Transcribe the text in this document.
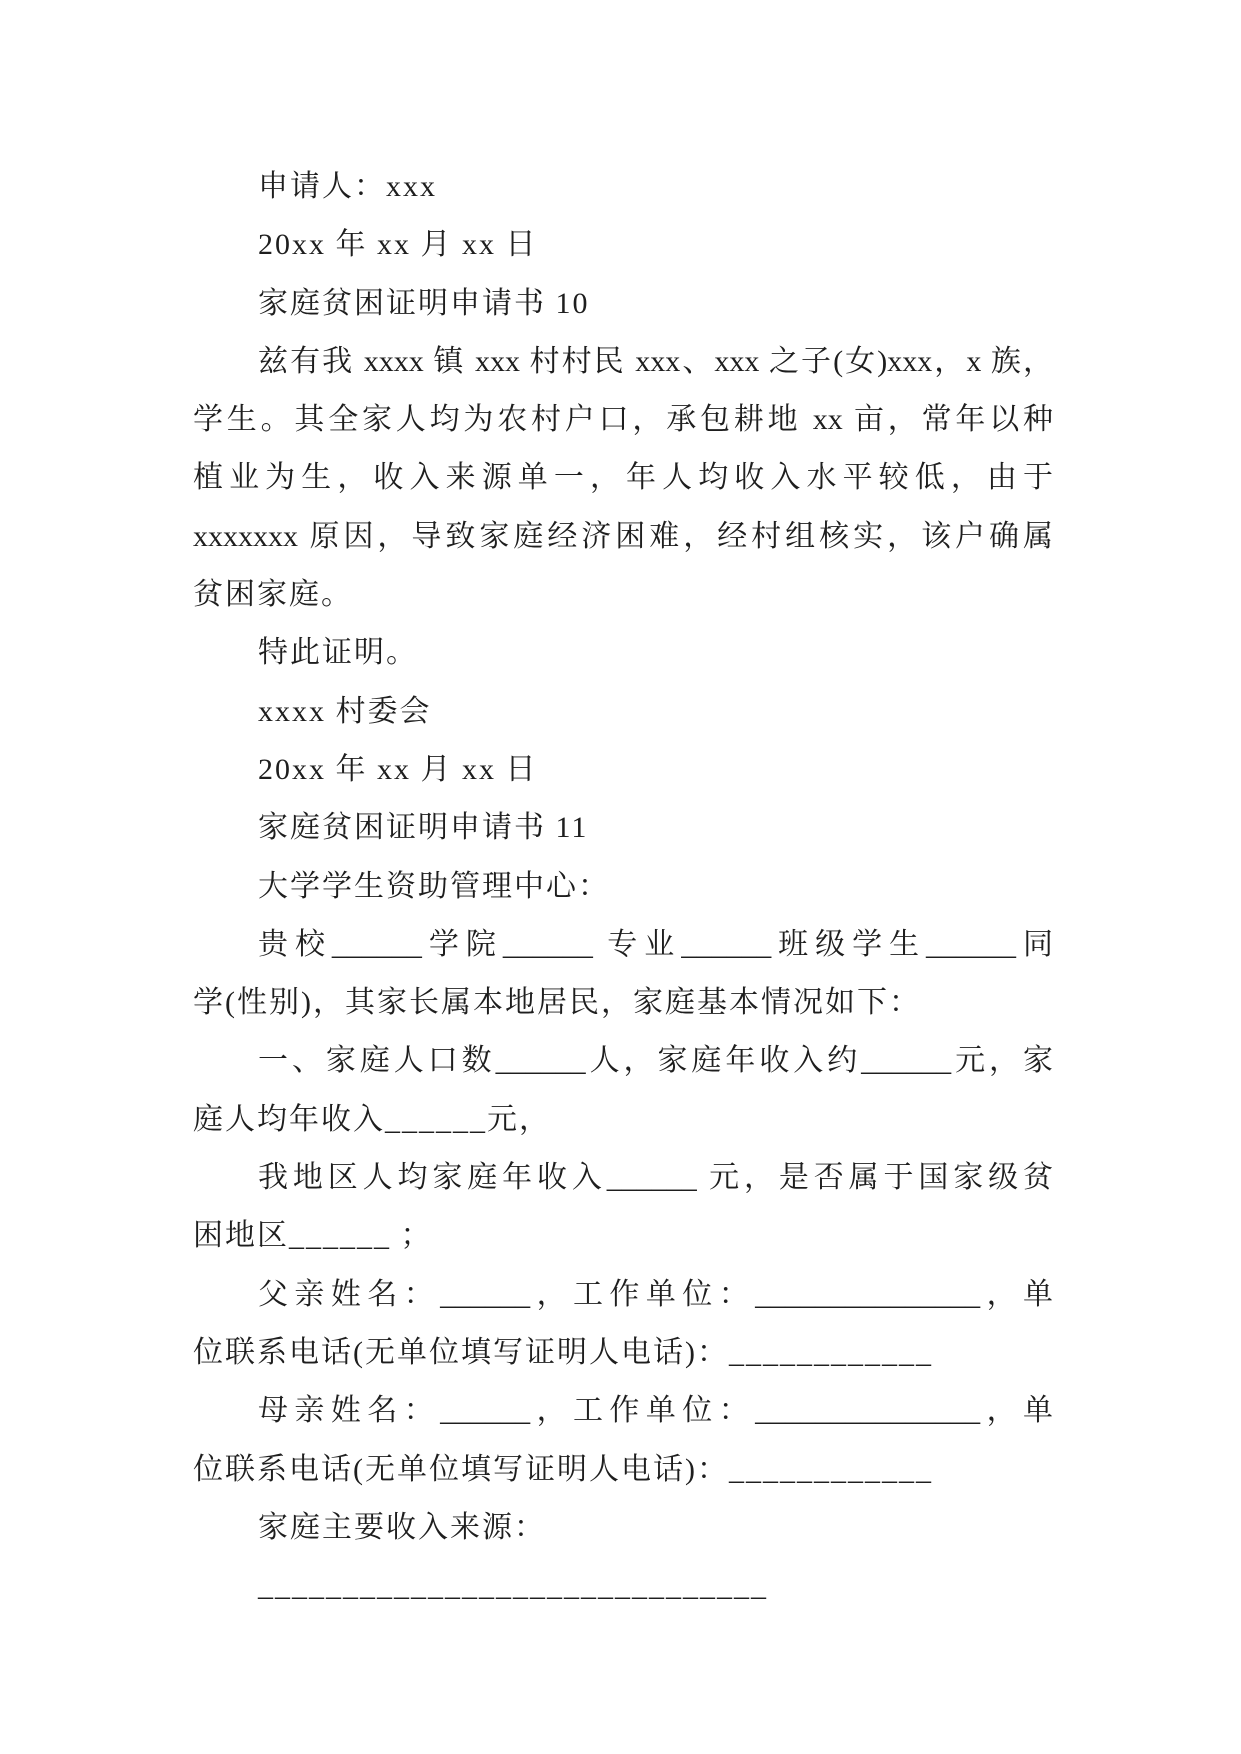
申请人：xxx
20xx 年 xx 月 xx 日
家庭贫困证明申请书 10
兹有我 xxxx 镇 xxx 村村民 xxx、xxx 之子(女)xxx，x 族，
学生。其全家人均为农村户口，承包耕地 xx 亩，常年以种
植业为生，收入来源单一，年人均收入水平较低，由于
xxxxxxx 原因，导致家庭经济困难，经村组核实，该户确属
贫困家庭。
特此证明。
xxxx 村委会
20xx 年 xx 月 xx 日
家庭贫困证明申请书 11
大学学生资助管理中心：
贵校______学院______ 专业______班级学生______同
学(性别)，其家长属本地居民，家庭基本情况如下：
一、家庭人口数______人，家庭年收入约______元，家
庭人均年收入______元，
我地区人均家庭年收入______ 元，是否属于国家级贫
困地区______ ；
父亲姓名：______，工作单位：_______________，单
位联系电话(无单位填写证明人电话)：____________
母亲姓名：______，工作单位：_______________，单
位联系电话(无单位填写证明人电话)：____________
家庭主要收入来源：______________________________
